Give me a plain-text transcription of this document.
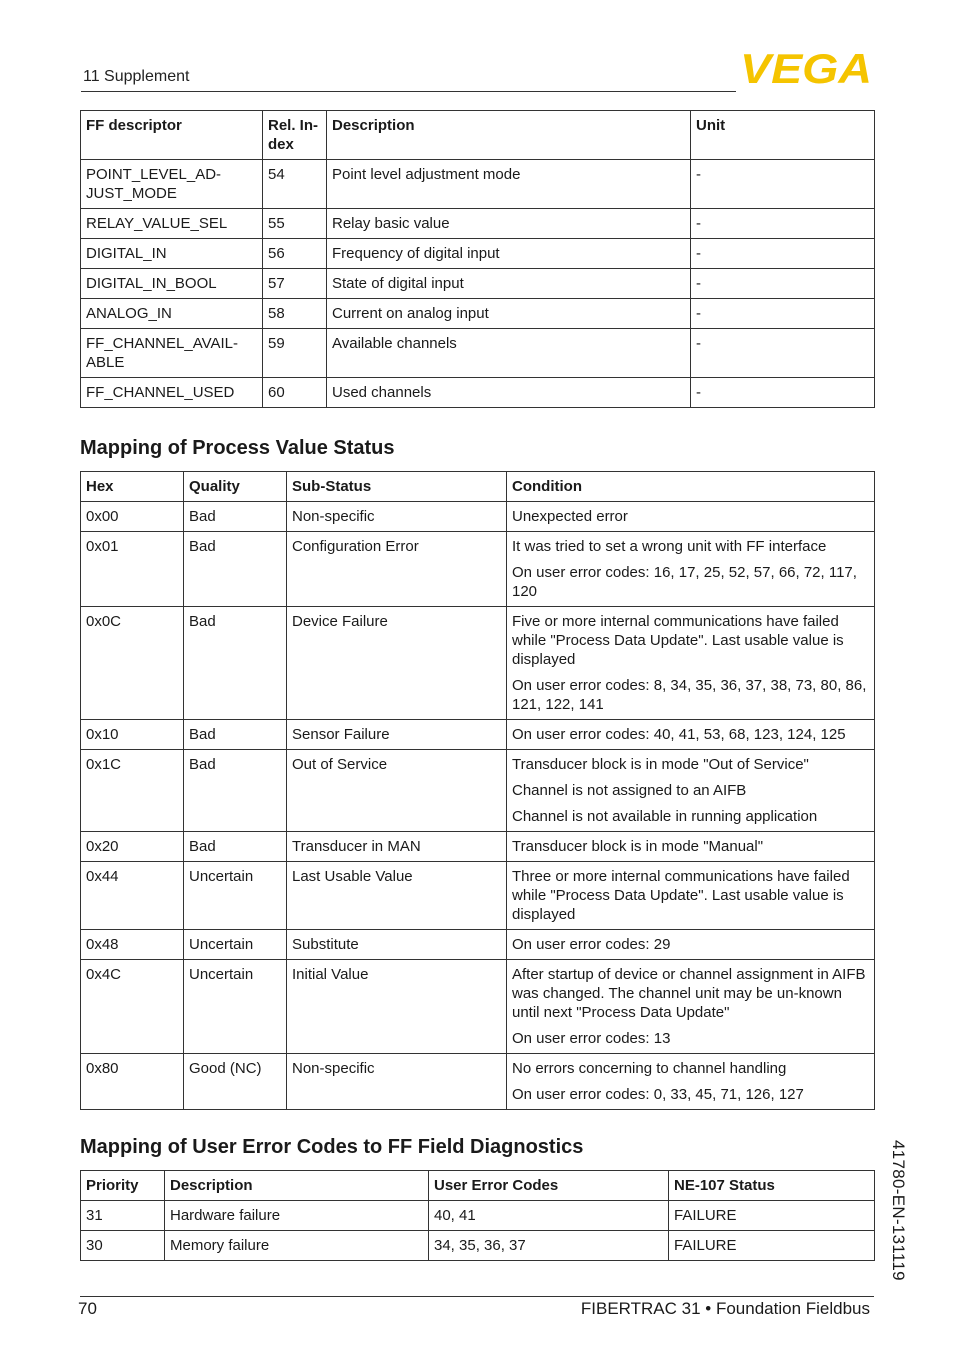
11 Supplement	VEGA
FF descriptor	Rel. In-dex	Description	Unit
POINT_LEVEL_AD-JUST_MODE	54	Point level adjustment mode	-
RELAY_VALUE_SEL	55	Relay basic value	-
DIGITAL_IN	56	Frequency of digital input	-
DIGITAL_IN_BOOL	57	State of digital input	-
ANALOG_IN	58	Current on analog input	-
FF_CHANNEL_AVAIL-ABLE	59	Available channels	-
FF_CHANNEL_USED	60	Used channels	-
Mapping of Process Value Status
Hex	Quality	Sub-Status	Condition
0x00	Bad	Non-specific	Unexpected error

0x01	Bad	Configuration Error	It was tried to set a wrong unit with FF interface

On user error codes: 16, 17, 25, 52, 57, 66, 72, 117, 120

0x0C	Bad	Device Failure	Five or more internal communications have failed while "Process Data Update". Last usable value is displayed

On user error codes: 8, 34, 35, 36, 37, 38, 73, 80, 86, 121, 122, 141

0x10	Bad	Sensor Failure	On user error codes: 40, 41, 53, 68, 123, 124, 125

0x1C	Bad	Out of Service	Transducer block is in mode "Out of Service"

Channel is not assigned to an AIFB

Channel is not available in running application

0x20	Bad	Transducer in MAN	Transducer block is in mode "Manual"

0x44	Uncertain	Last Usable Value	Three or more internal communications have failed while "Process Data Update". Last usable value is displayed

0x48	Uncertain	Substitute	On user error codes: 29

0x4C	Uncertain	Initial Value	After startup of device or channel assignment in AIFB was changed. The channel unit may be un-known until next "Process Data Update"

On user error codes: 13

0x80	Good (NC)	Non-specific	No errors concerning to channel handling

On user error codes: 0, 33, 45, 71, 126, 127

Mapping of User Error Codes to FF Field Diagnostics
Priority	Description	User Error Codes	NE-107 Status
31	Hardware failure	40, 41	FAILURE
30	Memory failure	34, 35, 36, 37	FAILURE
70	FIBERTRAC 31 • Foundation Fieldbus
41780-EN-131119
